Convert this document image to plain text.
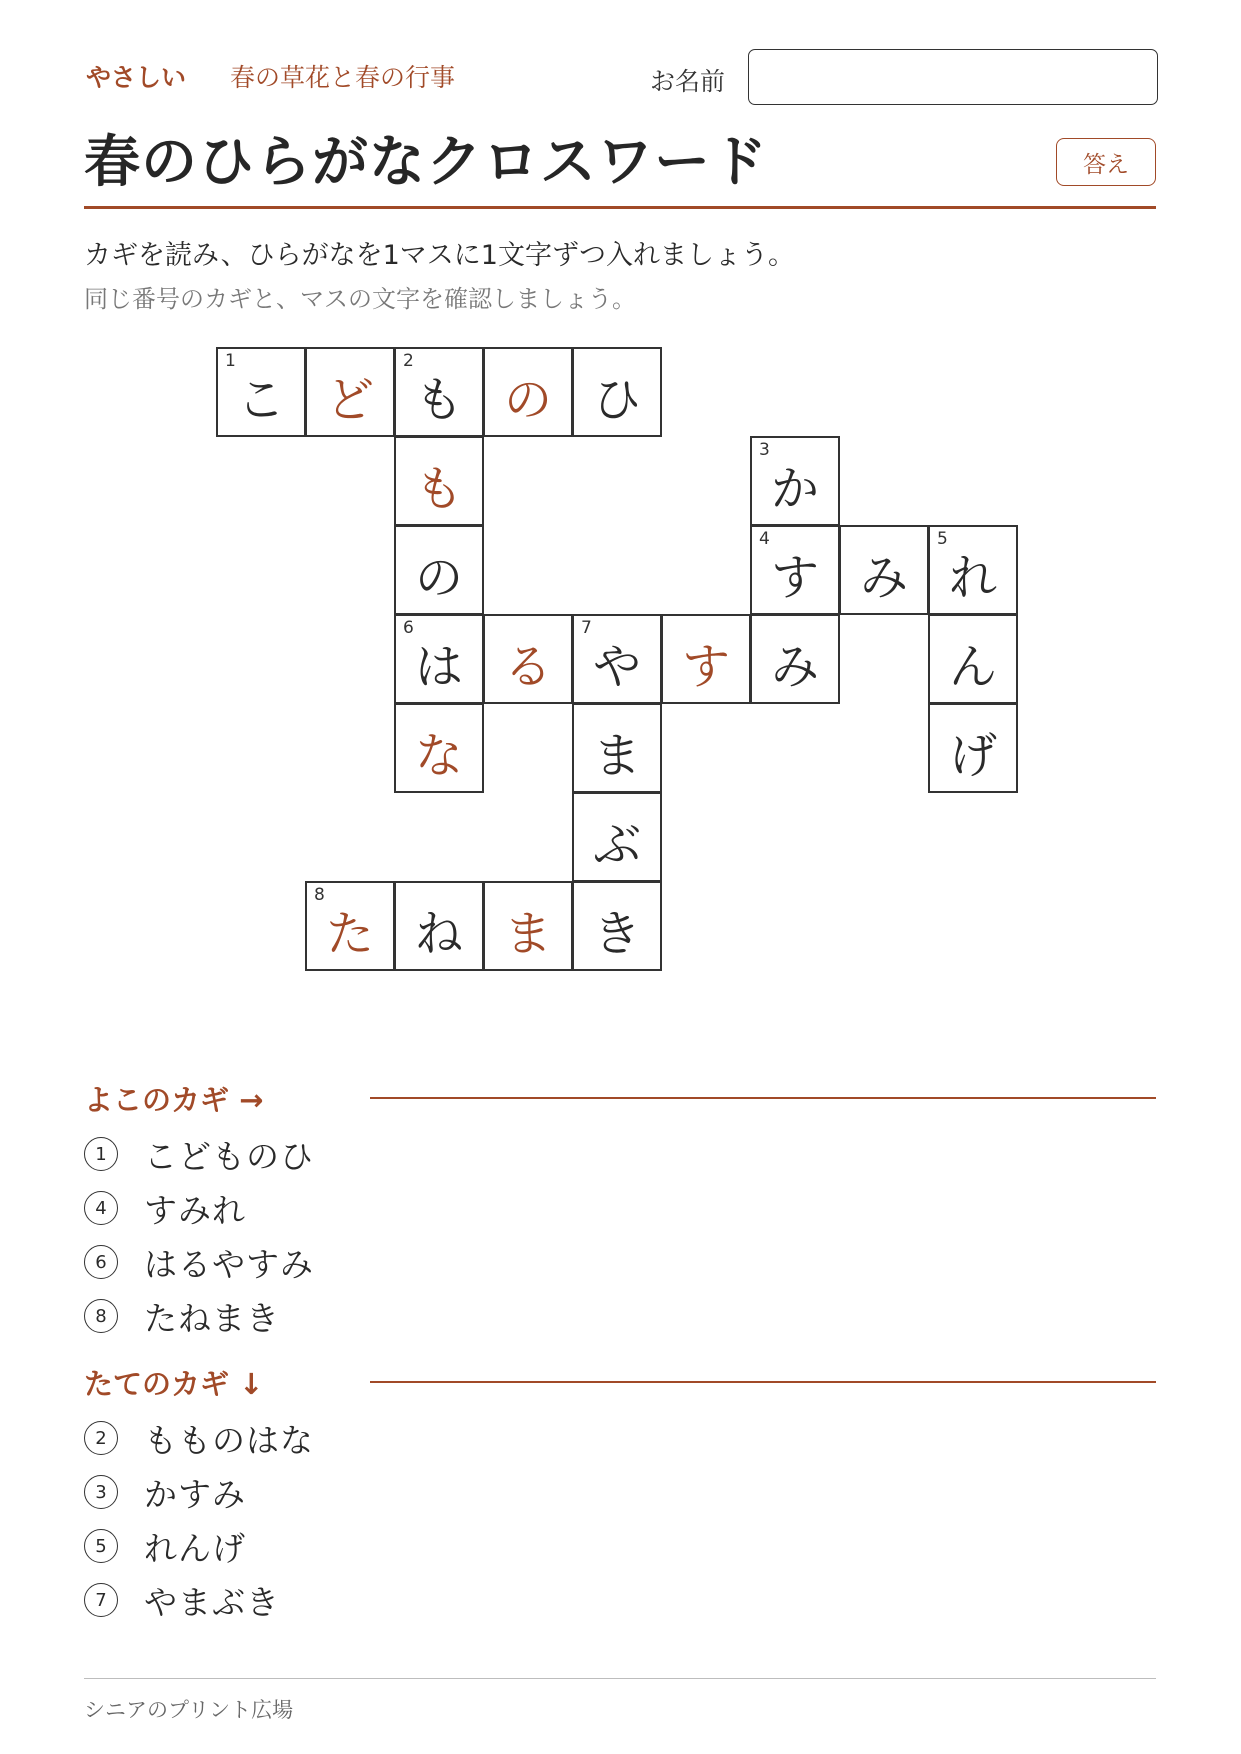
やさしい 春の草花と春の行事	お名前
春のひらがなクロスワード	答え
カギを読み、ひらがなを1マスに1文字ずつ入れましょう。
同じ番号のカギと、マスの文字を確認しましょう。
1
こ ど
2
も の ひ
も
3
か
の
4
す み
5
れ
6
は る
7
や す み	ん
な	ま	げ
ぶ
8
た ね ま き
よこのカギ →
1	こどものひ
4	すみれ
6	はるやすみ
8	たねまき
たてのカギ ↓
2	もものはな
3	かすみ
5	れんげ
7	やまぶき
シニアのプリント広場
